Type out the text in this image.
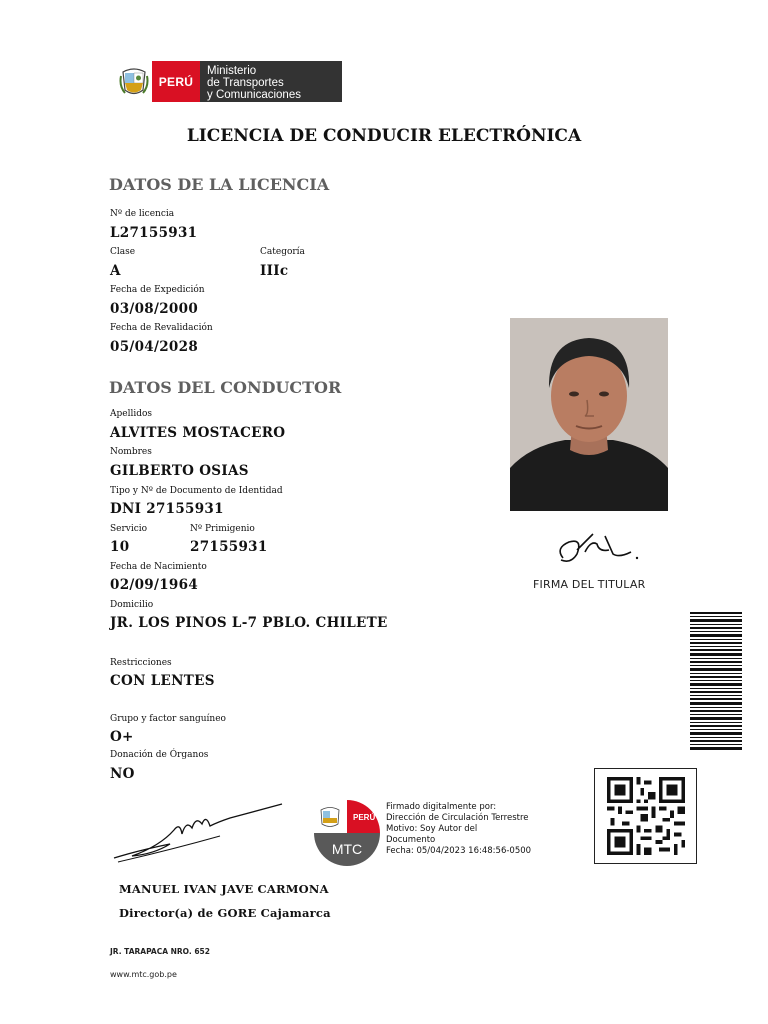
PERÚ
Ministerio
de Transportes
y Comunicaciones
LICENCIA DE CONDUCIR ELECTRÓNICA
DATOS DE LA LICENCIA
Nº de licencia
L27155931
Clase
A
Categoría
IIIc
Fecha de Expedición
03/08/2000
Fecha de Revalidación
05/04/2028
DATOS DEL CONDUCTOR
Apellidos
ALVITES MOSTACERO
Nombres
GILBERTO OSIAS
Tipo y Nº de Documento de Identidad
DNI 27155931
Servicio
10
Nº Primigenio
27155931
Fecha de Nacimiento
02/09/1964
Domicilio
JR. LOS PINOS L-7 PBLO. CHILETE
Restricciones
CON LENTES
Grupo y factor sanguíneo
O+
Donación de Órganos
NO
FIRMA DEL TITULAR
PERÚ
MTC
Firmado digitalmente por:
Dirección de Circulación Terrestre
Motivo: Soy Autor del
Documento
Fecha: 05/04/2023 16:48:56-0500
MANUEL IVAN JAVE CARMONA
Director(a) de GORE Cajamarca
JR. TARAPACA NRO. 652
www.mtc.gob.pe
